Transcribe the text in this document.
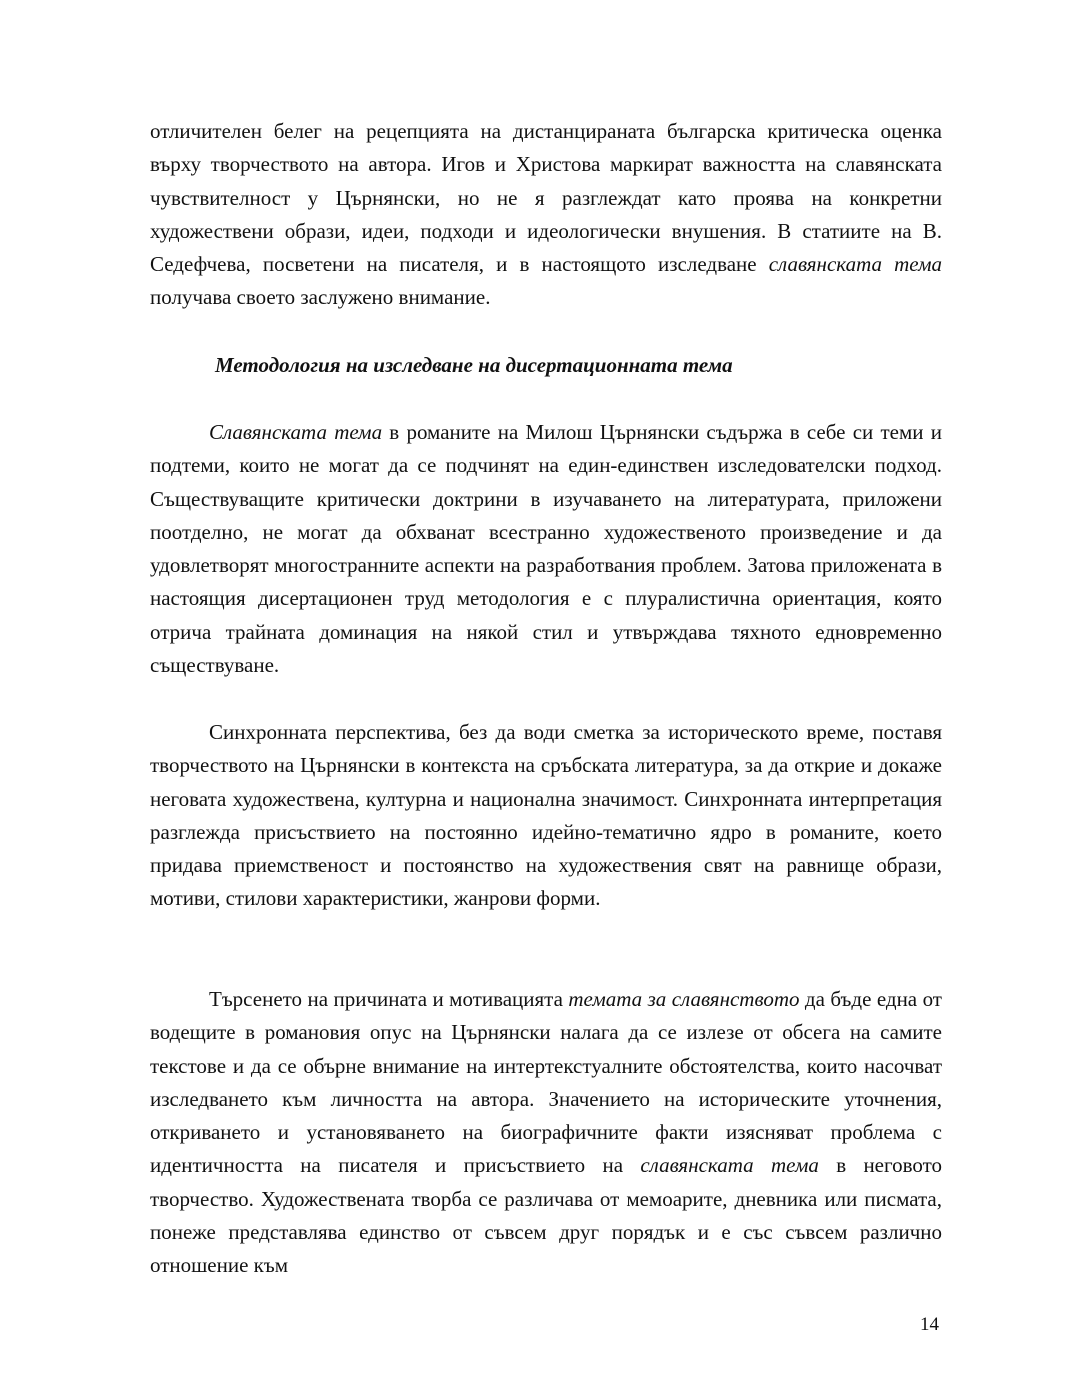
отличителен белег на рецепцията на дистанцираната българска критическа оценка върху творчеството на автора. Игов и Христова маркират важността на славянската чувствителност у Църнянски, но не я разглеждат като проява на конкретни художествени образи, идеи, подходи и идеологически внушения. В статиите на В. Седефчева, посветени на писателя, и в настоящото изследване славянската тема получава своето заслужено внимание.

Методология на изследване на дисертационната тема

Славянската тема в романите на Милош Църнянски съдържа в себе си теми и подтеми, които не могат да се подчинят на един-единствен изследователски подход. Съществуващите критически доктрини в изучаването на литературата, приложени поотделно, не могат да обхванат всестранно художественото произведение и да удовлетворят многостранните аспекти на разработвания проблем. Затова приложената в настоящия дисертационен труд методология е с плуралистична ориентация, която отрича трайната доминация на някой стил и утвърждава тяхното едновременно съществуване.

Синхронната перспектива, без да води сметка за историческото време, поставя творчеството на Църнянски в контекста на сръбската литература, за да открие и докаже неговата художествена, културна и национална значимост. Синхронната интерпретация разглежда присъствието на постоянно идейно-тематично ядро в романите, което придава приемственост и постоянство на художествения свят на равнище образи, мотиви, стилови характеристики, жанрови форми.

Търсенето на причината и мотивацията темата за славянството да бъде една от водещите в романовия опус на Църнянски налага да се излезе от обсега на самите текстове и да се обърне внимание на интертекстуалните обстоятелства, които насочват изследването към личността на автора. Значението на историческите уточнения, откриването и установяването на биографичните факти изясняват проблема с идентичността на писателя и присъствието на славянската тема в неговото творчество. Художествената творба се различава от мемоарите, дневника или писмата, понеже представлява единство от съвсем друг порядък и е със съвсем различно отношение към

14
